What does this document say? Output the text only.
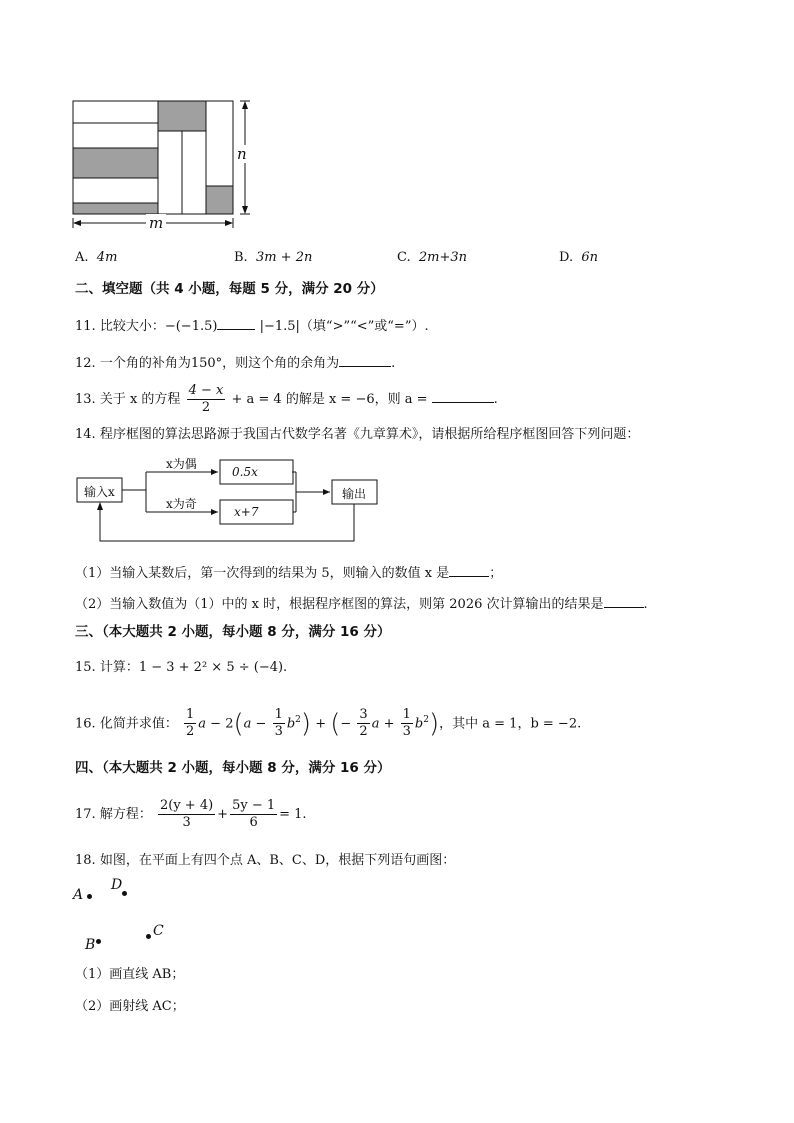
n
m
A. 4m	B. 3m + 2n	C. 2m+3n	D. 6n
二、填空题（共 4 小题，每题 5 分，满分 20 分）
11. 比较大小：−(−1.5)	|−1.5|（填“>”“<”或“=”）.
12. 一个角的补角为150°，则这个角的余角为	.
13. 关于 x 的方程 $\frac{4 - x}{2} + a = 4$ 的解是 x = −6，则 a =	.
14. 程序框图的算法思路源于我国古代数学名著《九章算术》，请根据所给程序框图回答下列问题：
输入x
0.5x
x+7
输出
x为偶
x为奇
（1）当输入某数后，第一次得到的结果为 5，则输入的数值 x 是	；
（2）当输入数值为（1）中的 x 时，根据程序框图的算法，则第 2026 次计算输出的结果是	.
三、（本大题共 2 小题，每小题 8 分，满分 16 分）
15. 计算：1 − 3 + 2² × 5 ÷ (−4).
16. 化简并求值： $\frac{1}{2}$ $a - 2(a - \frac{1}{3} b^2)$ + (− $\frac{3}{2}$ $a + \frac{1}{3} b^2$)，其中 a = 1，b = −2.
四、（本大题共 2 小题，每小题 8 分，满分 16 分）
17. 解方程： $\frac{2(y + 4)}{3} + \frac{5y - 1}{6} = 1$.
18. 如图，在平面上有四个点 A、B、C、D，根据下列语句画图：
A
D
B
C
（1）画直线 AB；
（2）画射线 AC；
